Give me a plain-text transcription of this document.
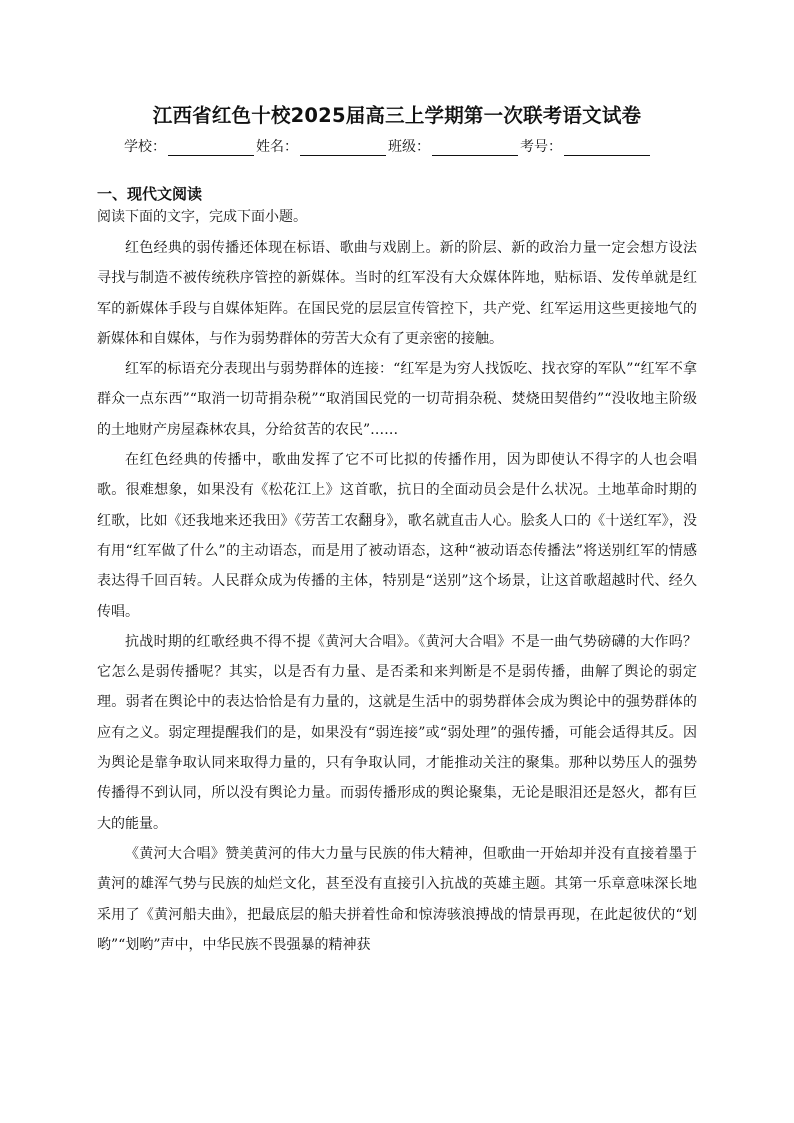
江西省红色十校2025届高三上学期第一次联考语文试卷
学校：	姓名：	班级：	考号：
一、现代文阅读
阅读下面的文字，完成下面小题。

红色经典的弱传播还体现在标语、歌曲与戏剧上。新的阶层、新的政治力量一定会想方设法寻找与制造不被传统秩序管控的新媒体。当时的红军没有大众媒体阵地，贴标语、发传单就是红军的新媒体手段与自媒体矩阵。在国民党的层层宣传管控下，共产党、红军运用这些更接地气的新媒体和自媒体，与作为弱势群体的劳苦大众有了更亲密的接触。

红军的标语充分表现出与弱势群体的连接：“红军是为穷人找饭吃、找衣穿的军队”“红军不拿群众一点东西”“取消一切苛捐杂税”“取消国民党的一切苛捐杂税、焚烧田契借约”“没收地主阶级的土地财产房屋森林农具，分给贫苦的农民”……

在红色经典的传播中，歌曲发挥了它不可比拟的传播作用，因为即使认不得字的人也会唱歌。很难想象，如果没有《松花江上》这首歌，抗日的全面动员会是什么状况。土地革命时期的红歌，比如《还我地来还我田》《劳苦工农翻身》，歌名就直击人心。脍炙人口的《十送红军》，没有用“红军做了什么”的主动语态，而是用了被动语态，这种“被动语态传播法”将送别红军的情感表达得千回百转。人民群众成为传播的主体，特别是“送别”这个场景，让这首歌超越时代、经久传唱。

抗战时期的红歌经典不得不提《黄河大合唱》。《黄河大合唱》不是一曲气势磅礴的大作吗？它怎么是弱传播呢？其实，以是否有力量、是否柔和来判断是不是弱传播，曲解了舆论的弱定理。弱者在舆论中的表达恰恰是有力量的，这就是生活中的弱势群体会成为舆论中的强势群体的应有之义。弱定理提醒我们的是，如果没有“弱连接”或“弱处理”的强传播，可能会适得其反。因为舆论是靠争取认同来取得力量的，只有争取认同，才能推动关注的聚集。那种以势压人的强势传播得不到认同，所以没有舆论力量。而弱传播形成的舆论聚集，无论是眼泪还是怒火，都有巨大的能量。

《黄河大合唱》赞美黄河的伟大力量与民族的伟大精神，但歌曲一开始却并没有直接着墨于黄河的雄浑气势与民族的灿烂文化，甚至没有直接引入抗战的英雄主题。其第一乐章意味深长地采用了《黄河船夫曲》，把最底层的船夫拼着性命和惊涛骇浪搏战的情景再现，在此起彼伏的“划哟”“划哟”声中，中华民族不畏强暴的精神获
